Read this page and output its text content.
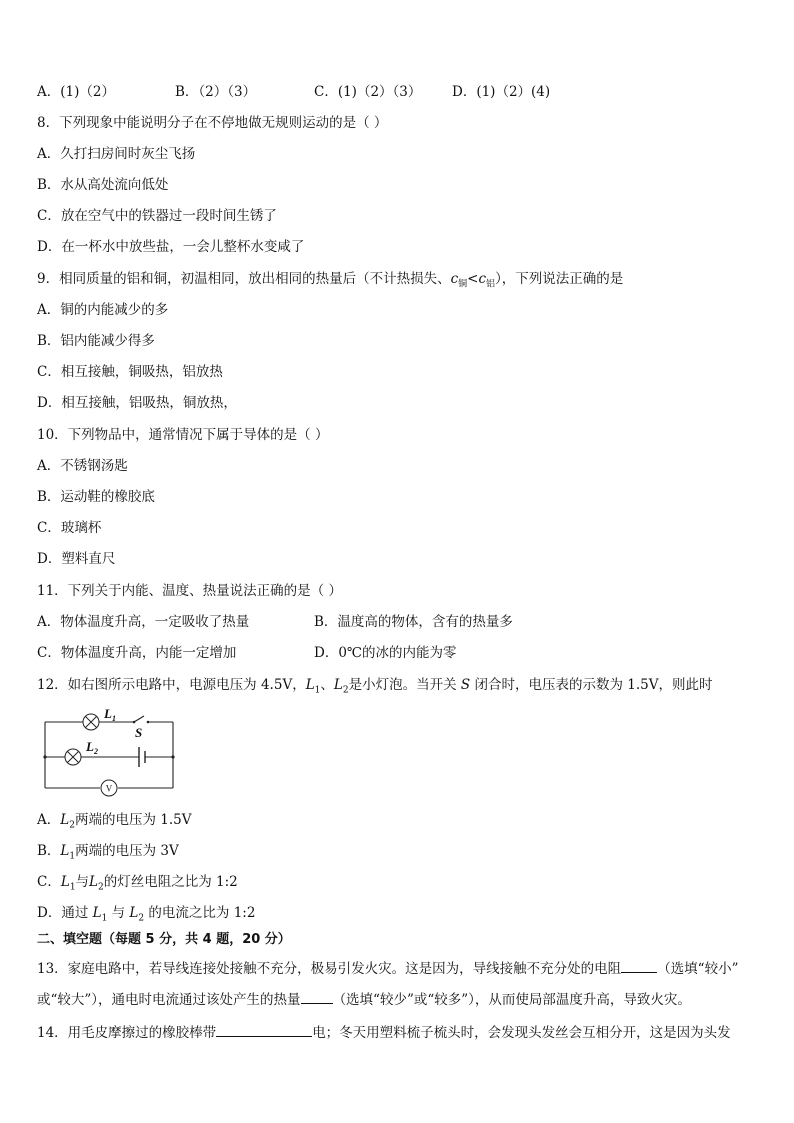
A．(1)（2）	B．（2）（3）	C．(1)（2）（3） D．(1)（2）(4)
8．下列现象中能说明分子在不停地做无规则运动的是（ ）
A．久打扫房间时灰尘飞扬
B．水从高处流向低处
C．放在空气中的铁器过一段时间生锈了
D．在一杯水中放些盐，一会儿整杯水变咸了
9．相同质量的铝和铜，初温相同，放出相同的热量后（不计热损失、$c_铜<c_铝$），下列说法正确的是
A．铜的内能减少的多
B．铝内能减少得多
C．相互接触，铜吸热，铝放热
D．相互接触，铝吸热，铜放热，
10．下列物品中，通常情况下属于导体的是（ ）
A．不锈钢汤匙
B．运动鞋的橡胶底
C．玻璃杯
D．塑料直尺
11．下列关于内能、温度、热量说法正确的是（ ）
A．物体温度升高，一定吸收了热量	B．温度高的物体，含有的热量多
C．物体温度升高，内能一定增加	D．0℃的冰的内能为零
12．如右图所示电路中，电源电压为 4.5V，$L_1$、$L_2$是小灯泡。当开关 S 闭合时，电压表的示数为 1.5V，则此时
V
$L_1$
$L_2$
S
A．$L_2$两端的电压为 1.5V
B．$L_1$两端的电压为 3V
C．$L_1$与$L_2$的灯丝电阻之比为 1:2
D．通过 $L_1$ 与 $L_2$ 的电流之比为 1:2
二、填空题（每题 5 分，共 4 题，20 分）
13．家庭电路中，若导线连接处接触不充分，极易引发火灾。这是因为，导线接触不充分处的电阻	（选填“较小”
或“较大”），通电时电流通过该处产生的热量 （选填“较少”或“较多”），从而使局部温度升高，导致火灾。
14．用毛皮摩擦过的橡胶棒带	电；冬天用塑料梳子梳头时，会发现头发丝会互相分开，这是因为头发
